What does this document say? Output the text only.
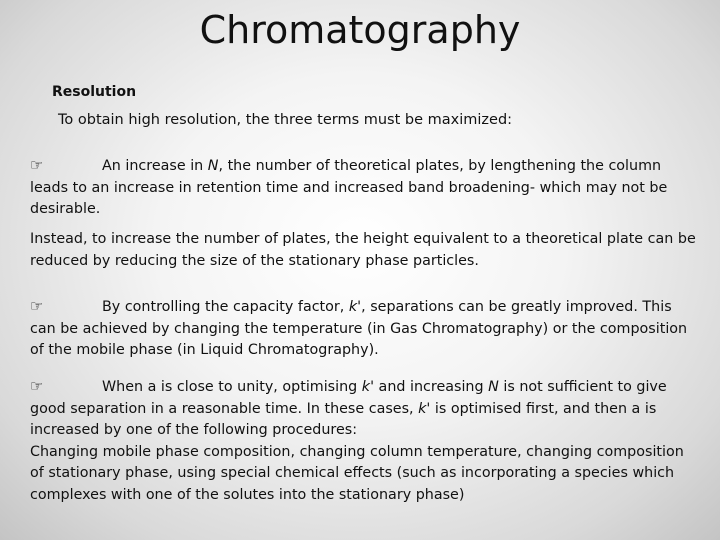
Chromatography
Resolution
To obtain high resolution, the three terms must be maximized:
☞	An increase in N, the number of theoretical plates, by lengthening the column leads to an increase in retention time and increased band broadening- which may not be desirable.
Instead, to increase the number of plates, the height equivalent to a theoretical plate can be reduced by reducing the size of the stationary phase particles.
☞	By controlling the capacity factor, k', separations can be greatly improved. This can be achieved by changing the temperature (in Gas Chromatography) or the composition of the mobile phase (in Liquid Chromatography).
☞	When a is close to unity, optimising k' and increasing N is not sufficient to give good separation in a reasonable time. In these cases, k' is optimised first, and then a is increased by one of the following procedures:
Changing mobile phase composition, changing column temperature, changing composition of stationary phase, using special chemical effects (such as incorporating a species which complexes with one of the solutes into the stationary phase)
